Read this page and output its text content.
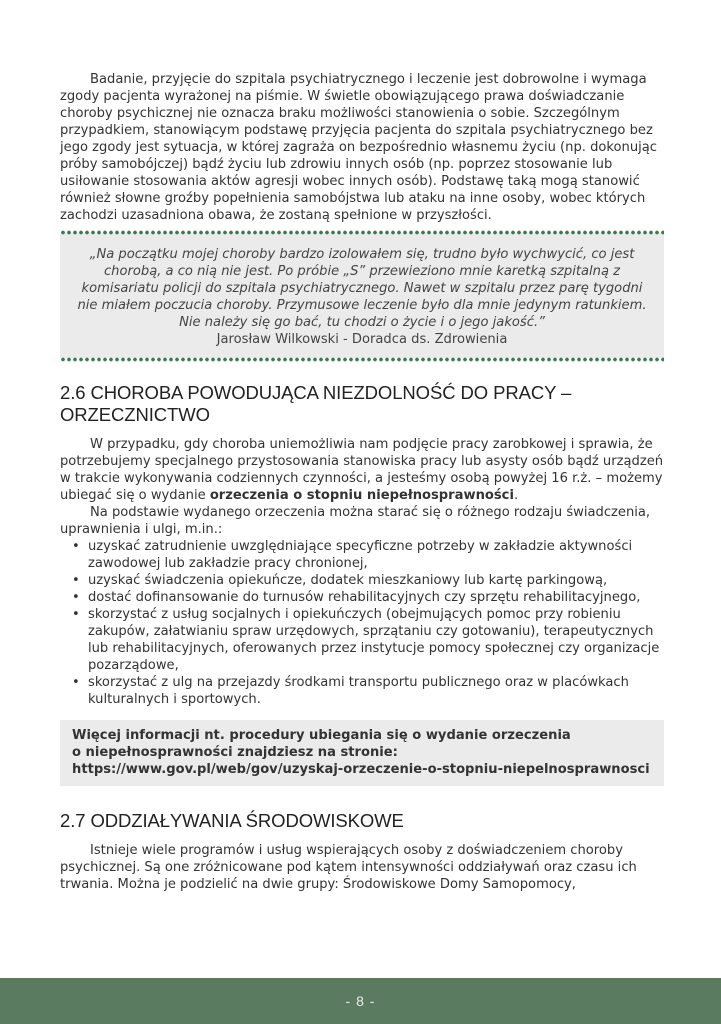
Badanie, przyjęcie do szpitala psychiatrycznego i leczenie jest dobrowolne i wymaga zgody pacjenta wyrażonej na piśmie. W świetle obowiązującego prawa doświadczanie choroby psychicznej nie oznacza braku możliwości stanowienia o sobie. Szczególnym przypadkiem, stanowiącym podstawę przyjęcia pacjenta do szpitala psychiatrycznego bez jego zgody jest sytuacja, w której zagraża on bezpośrednio własnemu życiu (np. dokonując próby samobójczej) bądź życiu lub zdrowiu innych osób (np. poprzez stosowanie lub usiłowanie stosowania aktów agresji wobec innych osób). Podstawę taką mogą stanowić również słowne groźby popełnienia samobójstwa lub ataku na inne osoby, wobec których zachodzi uzasadniona obawa, że zostaną spełnione w przyszłości.

„Na początku mojej choroby bardzo izolowałem się, trudno było wychwycić, co jest chorobą, a co nią nie jest. Po próbie „S” przewieziono mnie karetką szpitalną z komisariatu policji do szpitala psychiatrycznego. Nawet w szpitalu przez parę tygodni nie miałem poczucia choroby. Przymusowe leczenie było dla mnie jedynym ratunkiem. Nie należy się go bać, tu chodzi o życie i o jego jakość.”

Jarosław Wilkowski - Doradca ds. Zdrowienia

2.6 CHOROBA POWODUJĄCA NIEZDOLNOŚĆ DO PRACY – ORZECZNICTWO

W przypadku, gdy choroba uniemożliwia nam podjęcie pracy zarobkowej i sprawia, że potrzebujemy specjalnego przystosowania stanowiska pracy lub asysty osób bądź urządzeń w trakcie wykonywania codziennych czynności, a jesteśmy osobą powyżej 16 r.ż. – możemy ubiegać się o wydanie orzeczenia o stopniu niepełnosprawności.

Na podstawie wydanego orzeczenia można starać się o różnego rodzaju świadczenia, uprawnienia i ulgi, m.in.:

• uzyskać zatrudnienie uwzględniające specyficzne potrzeby w zakładzie aktywności zawodowej lub zakładzie pracy chronionej,
• uzyskać świadczenia opiekuńcze, dodatek mieszkaniowy lub kartę parkingową,
• dostać dofinansowanie do turnusów rehabilitacyjnych czy sprzętu rehabilitacyjnego,
• skorzystać z usług socjalnych i opiekuńczych (obejmujących pomoc przy robieniu zakupów, załatwianiu spraw urzędowych, sprzątaniu czy gotowaniu), terapeutycznych lub rehabilitacyjnych, oferowanych przez instytucje pomocy społecznej czy organizacje pozarządowe,
• skorzystać z ulg na przejazdy środkami transportu publicznego oraz w placówkach kulturalnych i sportowych.

Więcej informacji nt. procedury ubiegania się o wydanie orzeczenia

o niepełnosprawności znajdziesz na stronie:

https://www.gov.pl/web/gov/uzyskaj-orzeczenie-o-stopniu-niepelnosprawnosci

2.7 ODDZIAŁYWANIA ŚRODOWISKOWE

Istnieje wiele programów i usług wspierających osoby z doświadczeniem choroby psychicznej. Są one zróżnicowane pod kątem intensywności oddziaływań oraz czasu ich trwania. Można je podzielić na dwie grupy: Środowiskowe Domy Samopomocy,

- 8 -
